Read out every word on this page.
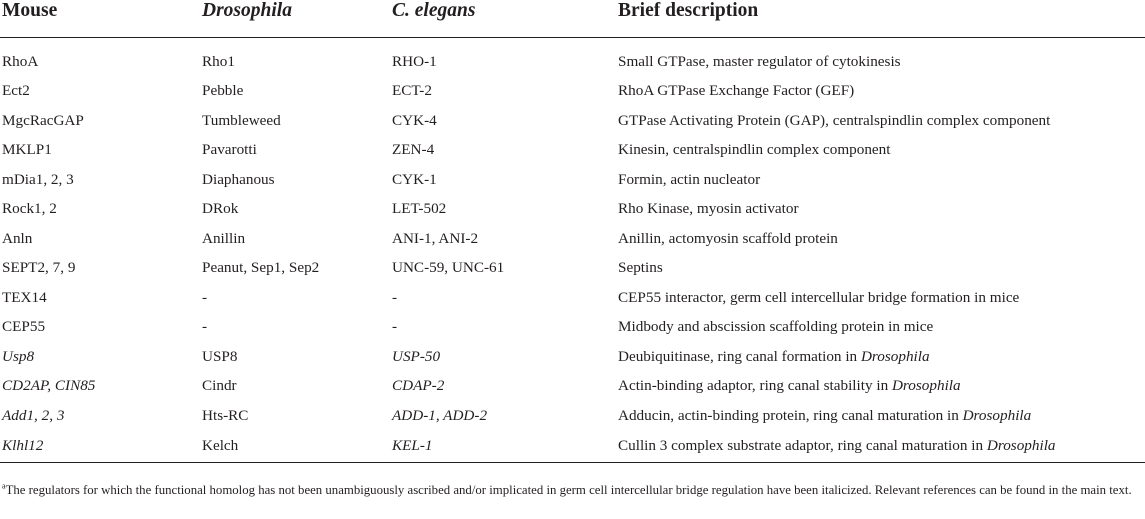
Mouse	Drosophila	C. elegans	Brief description

RhoA	Rho1	RHO-1	Small GTPase, master regulator of cytokinesis
Ect2	Pebble	ECT-2	RhoA GTPase Exchange Factor (GEF)
MgcRacGAP	Tumbleweed	CYK-4	GTPase Activating Protein (GAP), centralspindlin complex component
MKLP1	Pavarotti	ZEN-4	Kinesin, centralspindlin complex component
mDia1, 2, 3	Diaphanous	CYK-1	Formin, actin nucleator
Rock1, 2	DRok	LET-502	Rho Kinase, myosin activator
Anln	Anillin	ANI-1, ANI-2	Anillin, actomyosin scaffold protein
SEPT2, 7, 9	Peanut, Sep1, Sep2	UNC-59, UNC-61	Septins
TEX14	-	-	CEP55 interactor, germ cell intercellular bridge formation in mice
CEP55	-	-	Midbody and abscission scaffolding protein in mice
Usp8	USP8	USP-50	Deubiquitinase, ring canal formation in Drosophila
CD2AP, CIN85	Cindr	CDAP-2	Actin-binding adaptor, ring canal stability in Drosophila
Add1, 2, 3	Hts-RC	ADD-1, ADD-2	Adducin, actin-binding protein, ring canal maturation in Drosophila
Klhl12	Kelch	KEL-1	Cullin 3 complex substrate adaptor, ring canal maturation in Drosophila
$^a$The regulators for which the functional homolog has not been unambiguously ascribed and/or implicated in germ cell intercellular bridge regulation have been italicized. Relevant references can be found in the main text.
